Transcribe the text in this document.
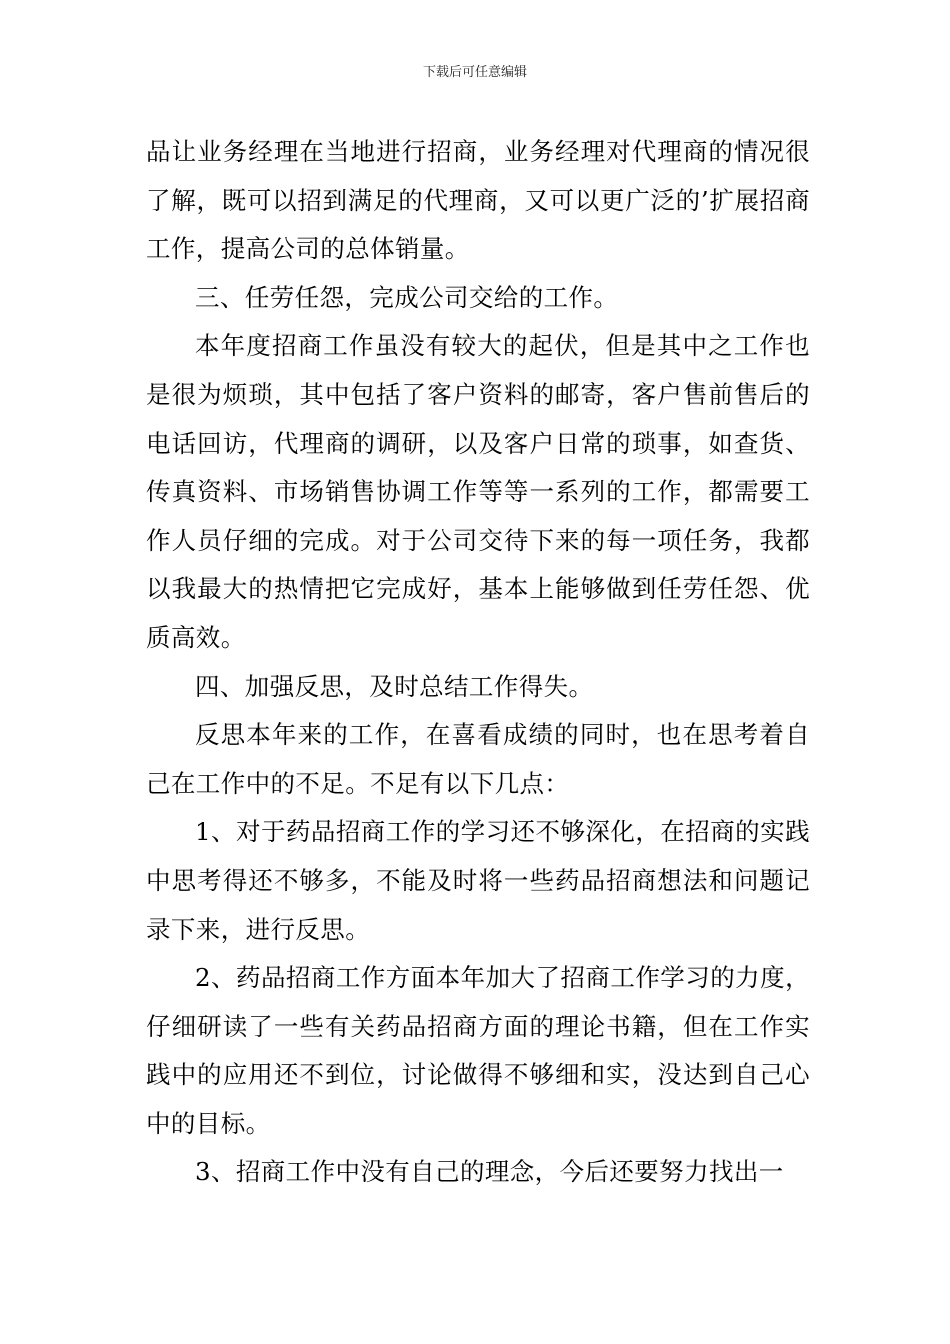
下载后可任意编辑

品让业务经理在当地进行招商，业务经理对代理商的情况很了解，既可以招到满足的代理商，又可以更广泛的’扩展招商工作，提高公司的总体销量。

三、任劳任怨，完成公司交给的工作。

本年度招商工作虽没有较大的起伏，但是其中之工作也是很为烦琐，其中包括了客户资料的邮寄，客户售前售后的电话回访，代理商的调研，以及客户日常的琐事，如查货、传真资料、市场销售协调工作等等一系列的工作，都需要工作人员仔细的完成。对于公司交待下来的每一项任务，我都以我最大的热情把它完成好，基本上能够做到任劳任怨、优质高效。

四、加强反思，及时总结工作得失。

反思本年来的工作，在喜看成绩的同时，也在思考着自己在工作中的不足。不足有以下几点：

1、对于药品招商工作的学习还不够深化，在招商的实践中思考得还不够多，不能及时将一些药品招商想法和问题记录下来，进行反思。

2、药品招商工作方面本年加大了招商工作学习的力度，仔细研读了一些有关药品招商方面的理论书籍，但在工作实践中的应用还不到位，讨论做得不够细和实，没达到自己心中的目标。

3、招商工作中没有自己的理念，今后还要努力找出一
